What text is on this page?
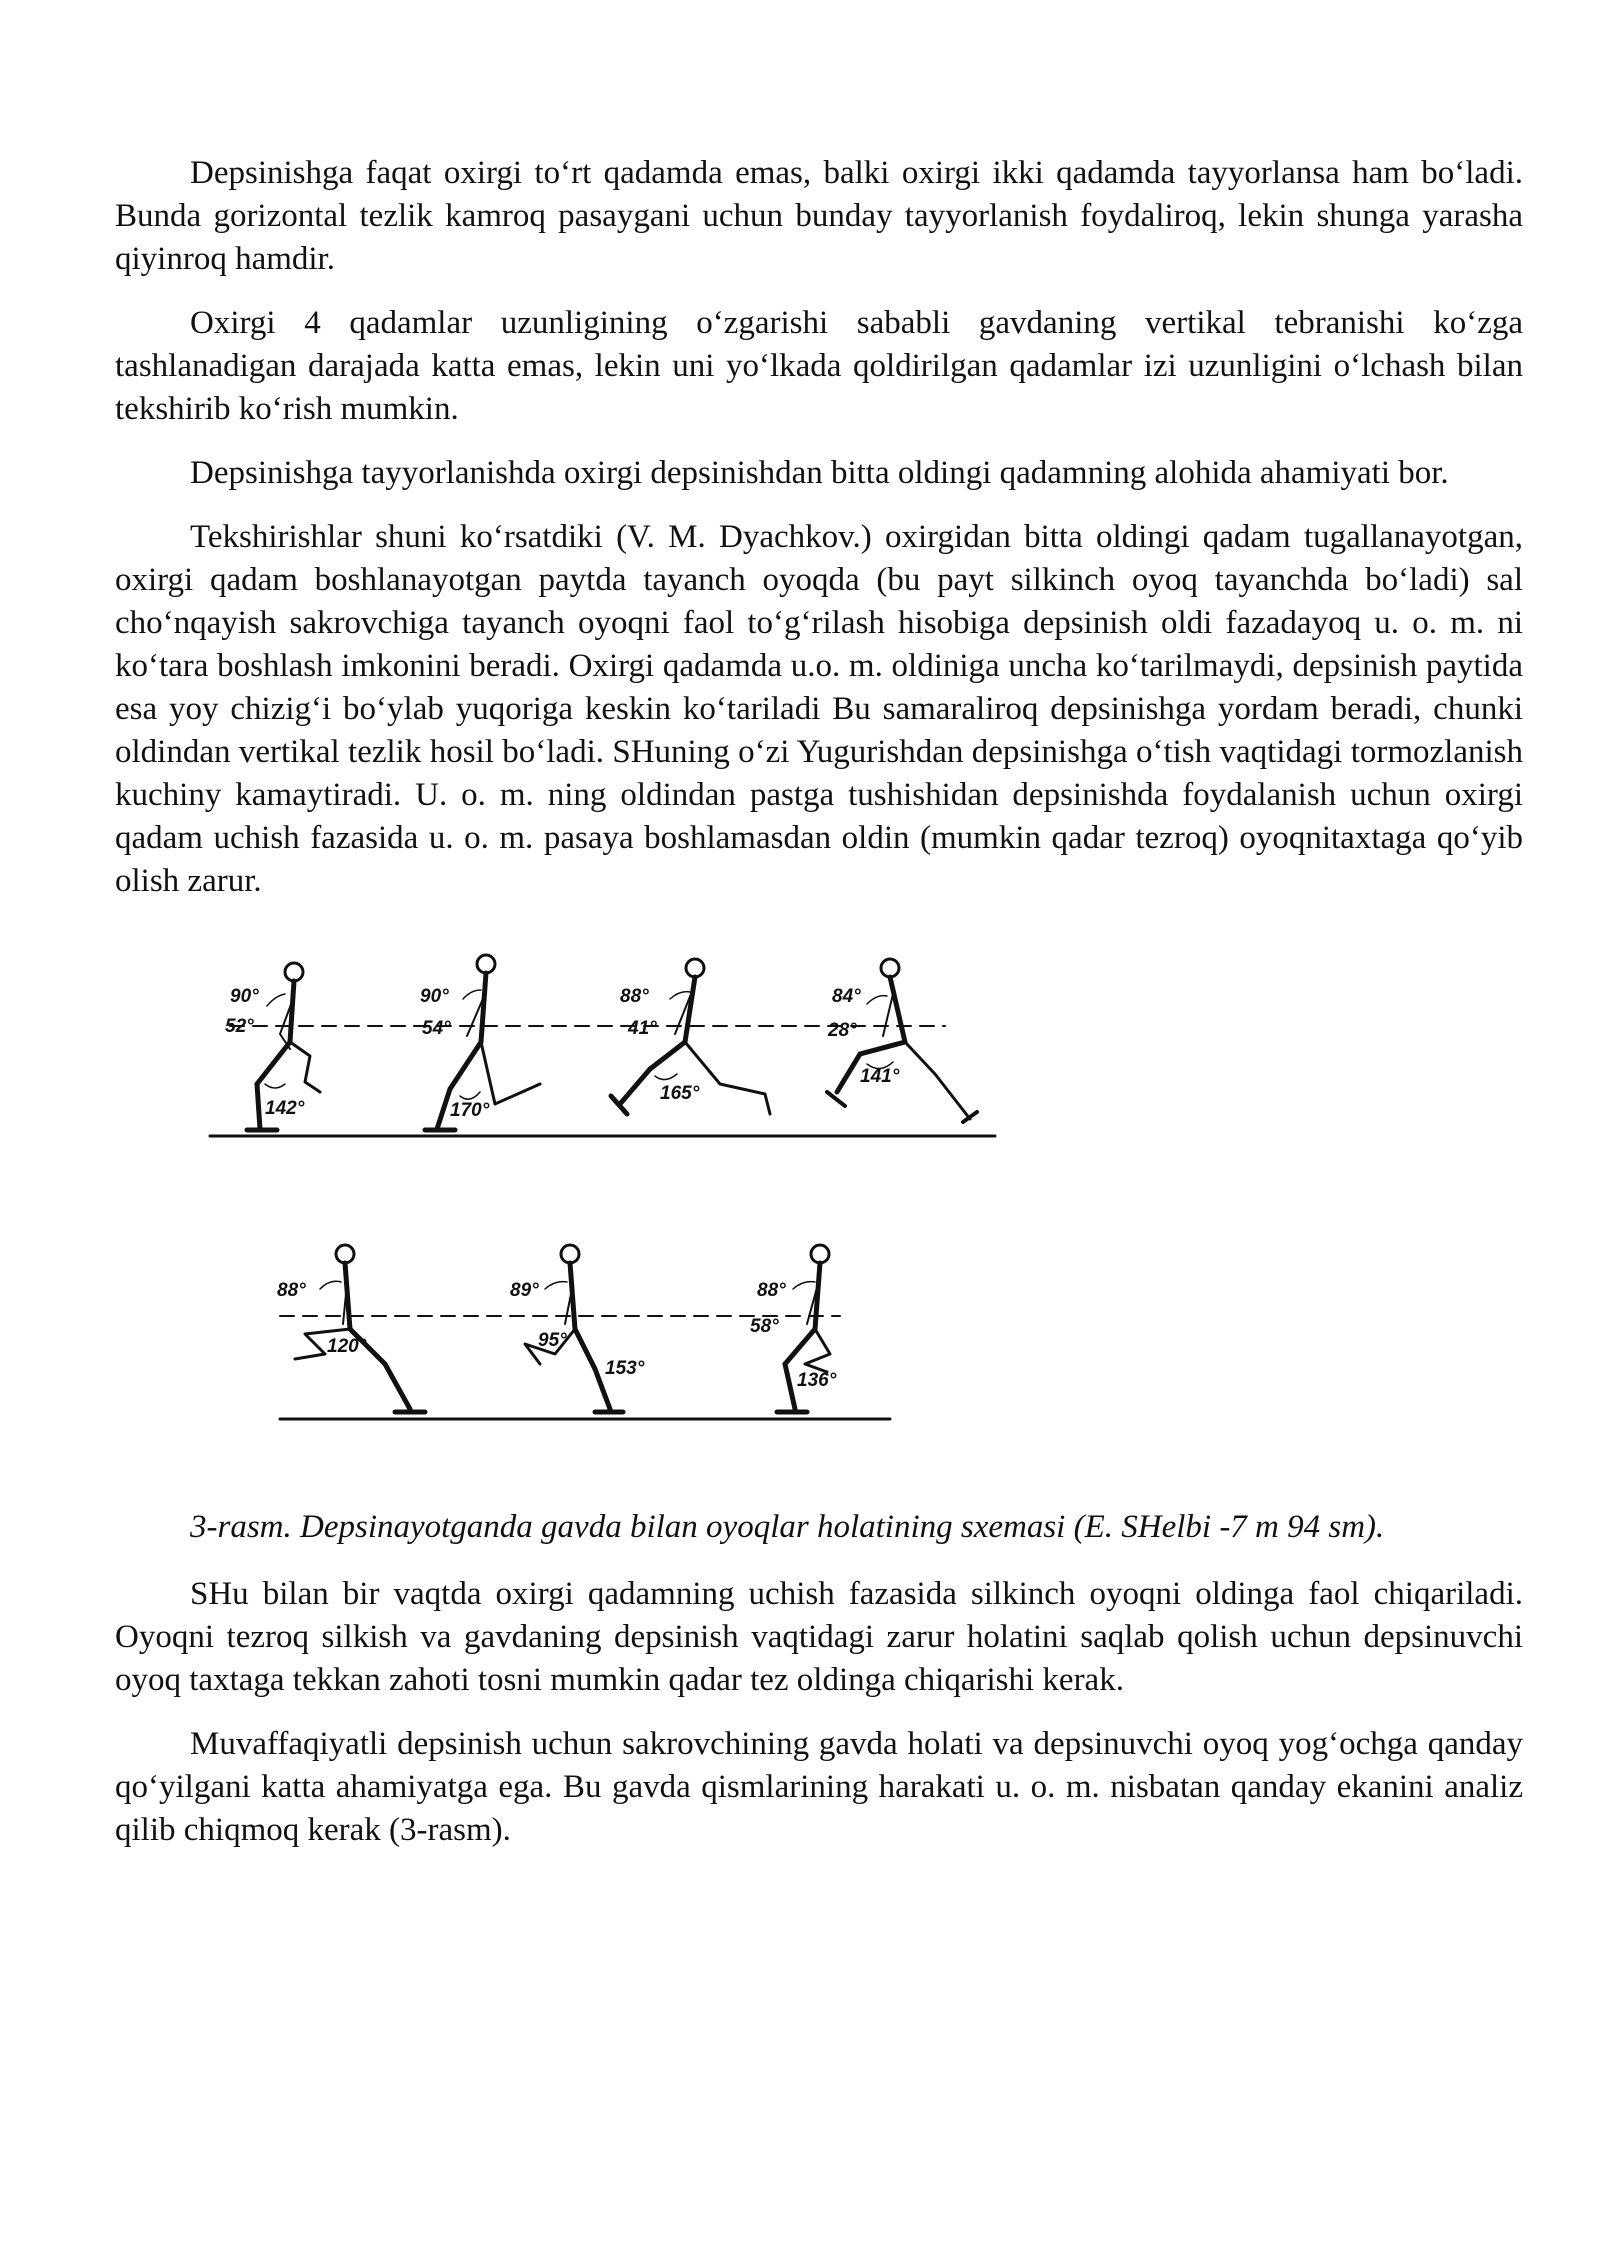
Depsinishga faqat oxirgi to‘rt qadamda emas, balki oxirgi ikki qadamda tayyorlansa ham bo‘ladi. Bunda gorizontal tezlik kamroq pasaygani uchun bunday tayyorlanish foydaliroq, lekin shunga yarasha qiyinroq hamdir.

Oxirgi 4 qadamlar uzunligining o‘zgarishi sababli gavdaning vertikal tebranishi ko‘zga tashlanadigan darajada katta emas, lekin uni yo‘lkada qoldirilgan qadamlar izi uzunligini o‘lchash bilan tekshirib ko‘rish mumkin.

Depsinishga tayyorlanishda oxirgi depsinishdan bitta oldingi qadamning alohida ahamiyati bor.

Tekshirishlar shuni ko‘rsatdiki (V. M. Dyachkov.) oxirgidan bitta oldingi qadam tugallanayotgan, oxirgi qadam boshlanayotgan paytda tayanch oyoqda (bu payt silkinch oyoq tayanchda bo‘ladi) sal cho‘nqayish sakrovchiga tayanch oyoqni faol to‘g‘rilash hisobiga depsinish oldi fazadayoq u. o. m. ni ko‘tara boshlash imkonini beradi. Oxirgi qadamda u.o. m. oldiniga uncha ko‘tarilmaydi, depsinish paytida esa yoy chizig‘i bo‘ylab yuqoriga keskin ko‘tariladi Bu samaraliroq depsinishga yordam beradi, chunki oldindan vertikal tezlik hosil bo‘ladi. SHuning o‘zi Yugurishdan depsinishga o‘tish vaqtidagi tormozlanish kuchiny kamaytiradi. U. o. m. ning oldindan pastga tushishidan depsinishda foydalanish uchun oxirgi qadam uchish fazasida u. o. m. pasaya boshlamasdan oldin (mumkin qadar tezroq) oyoqnitaxtaga qo‘yib olish zarur.

90°
52°
142°
90°
54°
170°
88°
41°
165°
84°
28°
141°
88°
120°
89°
95°
153°
88°
58°
136°

3-rasm. Depsinayotganda gavda bilan oyoqlar holatining sxemasi (E. SHelbi -7 m 94 sm).

SHu bilan bir vaqtda oxirgi qadamning uchish fazasida silkinch oyoqni oldinga faol chiqariladi. Oyoqni tezroq silkish va gavdaning depsinish vaqtidagi zarur holatini saqlab qolish uchun depsinuvchi oyoq taxtaga tekkan zahoti tosni mumkin qadar tez oldinga chiqarishi kerak.

Muvaffaqiyatli depsinish uchun sakrovchining gavda holati va depsinuvchi oyoq yog‘ochga qanday qo‘yilgani katta ahamiyatga ega. Bu gavda qismlarining harakati u. o. m. nisbatan qanday ekanini analiz qilib chiqmoq kerak (3-rasm).
